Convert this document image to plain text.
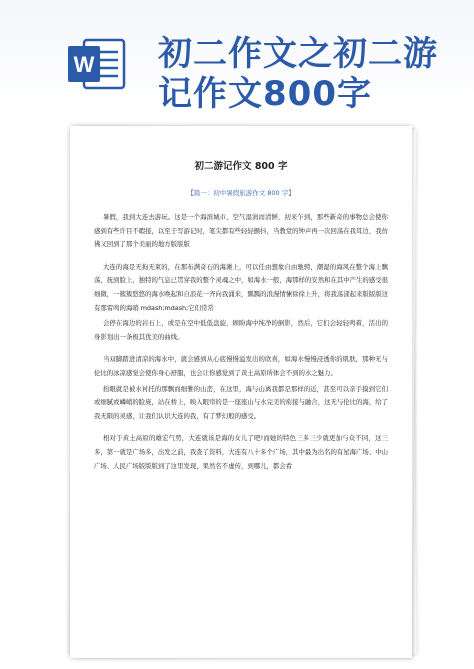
W 初二作文之初二游
记作文800字
初二游记作文 800 字
【篇一：初中暑假旅游作文 800 字】

暑假，我到大连去游玩。这是一个海滨城市，空气湿润而清鲜，初来乍到，那些新奇的事物总会使你感到有些许目不暇接，以至于写游记时，笔尖都有些轻轻颤抖，当教堂的钟声再一次回荡在我耳边，我仿佛又回到了那个美丽的地方版版版

大连的海是无拘无束的，在那布满奇石的海滩上，可以任由想象自由驰骋，潮湿的海风在整个海上飘荡，抚到脸上，独特的气息已贯穿我的整个灵魂之中，如海水一般，海那样的安然和在其中产生的感受很细微，一簇簇悠悠的海水唤起和自浪花一齐向我涌来，瓢瓢的浪漫情愫徐徐上升，将我荡漾起来版版版这有那雷鸣的海哨 mdash;mdash;它们常常

会停在海边的岩石上，或是在空中低低盘旋，顾盼海中纯净的倒影，然后，它们会轻轻鸣着，活出的身影划出一条极其优美的曲线。

当双脚踏进清凉的海水中，就会感到从心底慢慢溢发出的欣喜，如海水慢慢浸透你的肌肤，那种无与伦比的冰凉感觉会使你身心舒服，也会让你感觉到了黄土高原所体会不到的水之魅力。

抬眼就是被水衬托的那飘而细雅的山峦，在这里，海与山离我都是那样的近，甚至可以亲手摸到它们或细腻或嶙峭的脸庞，站在桥上，映入眼帘的是一座座山与水完美的衔接与融合，这无与伦比的海，给了我无限的灵感，让我们认识大连的我，有了梦幻般的感受。

相对于黄土高原的雄宏气势，大连就该是海的女儿了吧!而她的特色三多三少就更加与众不同，这三多，第一就是广场多，出发之前，我查了资料，大连有八十多个广场，其中最为出名的有星海广场、中山广场、人民广场版版版到了这里发现，果然名不虚传，到哪儿，都会看
